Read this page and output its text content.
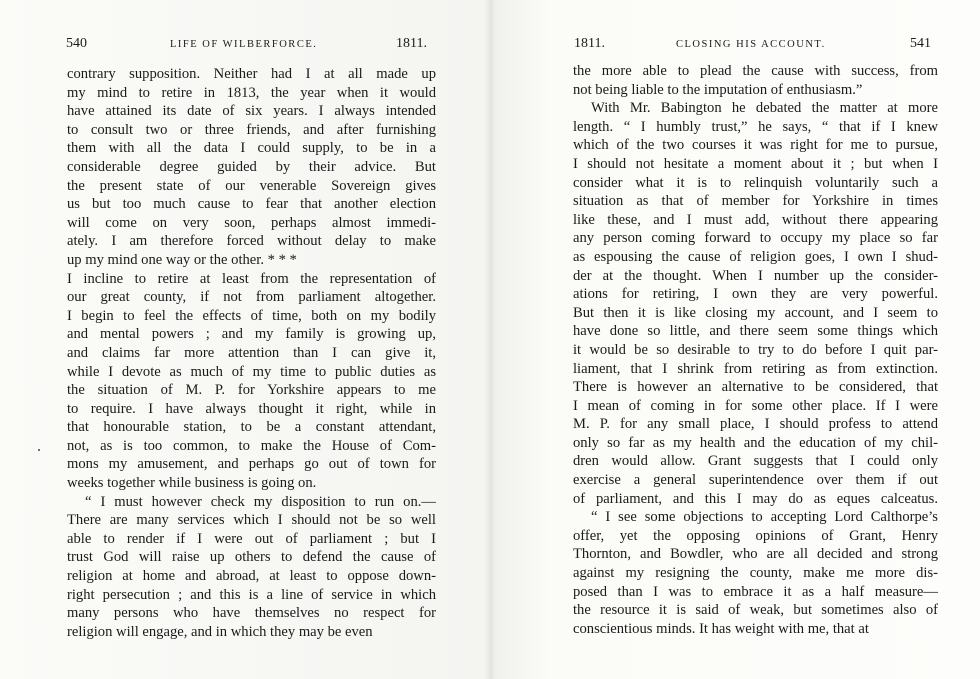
540	LIFE OF WILBERFORCE.	1811.
contrary supposition. Neither had I at all made up
my mind to retire in 1813, the year when it would
have attained its date of six years. I always intended
to consult two or three friends, and after furnishing
them with all the data I could supply, to be in a
considerable degree guided by their advice. But
the present state of our venerable Sovereign gives
us but too much cause to fear that another election
will come on very soon, perhaps almost immedi-
ately. I am therefore forced without delay to make
up my mind one way or the other. * * *
I incline to retire at least from the representation of
our great county, if not from parliament altogether.
I begin to feel the effects of time, both on my bodily
and mental powers ; and my family is growing up,
and claims far more attention than I can give it,
while I devote as much of my time to public duties as
the situation of M. P. for Yorkshire appears to me
to require. I have always thought it right, while in
that honourable station, to be a constant attendant,
not, as is too common, to make the House of Com-
mons my amusement, and perhaps go out of town for
weeks together while business is going on.
“ I must however check my disposition to run on.—
There are many services which I should not be so well
able to render if I were out of parliament ; but I
trust God will raise up others to defend the cause of
religion at home and abroad, at least to oppose down-
right persecution ; and this is a line of service in which
many persons who have themselves no respect for
religion will engage, and in which they may be even
1811.	CLOSING HIS ACCOUNT.	541
the more able to plead the cause with success, from
not being liable to the imputation of enthusiasm.”
With Mr. Babington he debated the matter at more
length. “ I humbly trust,” he says, “ that if I knew
which of the two courses it was right for me to pursue,
I should not hesitate a moment about it ; but when I
consider what it is to relinquish voluntarily such a
situation as that of member for Yorkshire in times
like these, and I must add, without there appearing
any person coming forward to occupy my place so far
as espousing the cause of religion goes, I own I shud-
der at the thought. When I number up the consider-
ations for retiring, I own they are very powerful.
But then it is like closing my account, and I seem to
have done so little, and there seem some things which
it would be so desirable to try to do before I quit par-
liament, that I shrink from retiring as from extinction.
There is however an alternative to be considered, that
I mean of coming in for some other place. If I were
M. P. for any small place, I should profess to attend
only so far as my health and the education of my chil-
dren would allow. Grant suggests that I could only
exercise a general superintendence over them if out
of parliament, and this I may do as eques calceatus.
“ I see some objections to accepting Lord Calthorpe’s
offer, yet the opposing opinions of Grant, Henry
Thornton, and Bowdler, who are all decided and strong
against my resigning the county, make me more dis-
posed than I was to embrace it as a half measure—
the resource it is said of weak, but sometimes also of
conscientious minds. It has weight with me, that at
